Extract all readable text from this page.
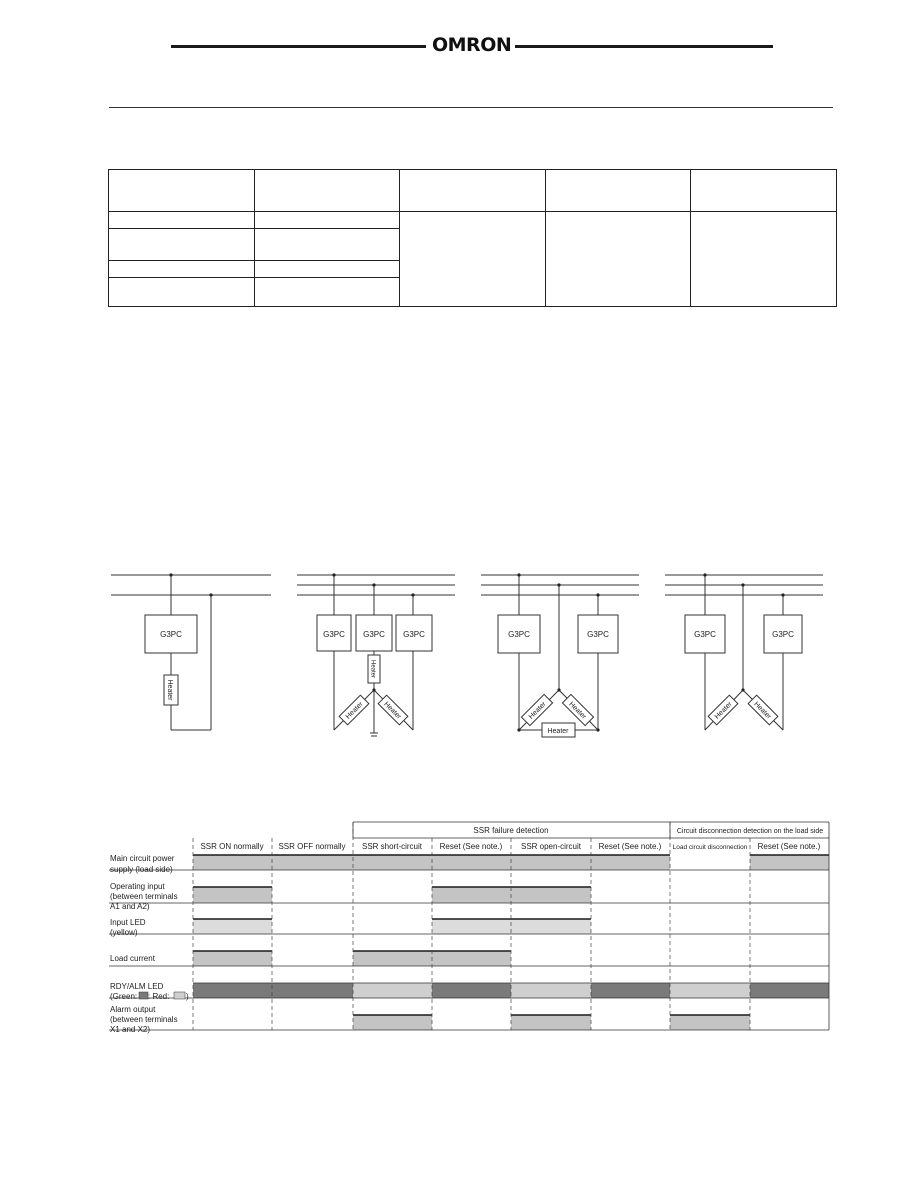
OMRON

G3PC	G3PC G3PC G3PC	G3PC	G3PC	G3PC	G3PC
Heater
Heater
Heater
Heater	Heater	Heater	Heater	Heater	Heater
SSR failure detection	Circuit disconnection detection on the load side
SSR ON normally SSR OFF normally SSR short-circuit Reset (See note.) SSR open-circuit Reset (See note.) Load circuit disconnection Reset (See note.)
Main circuit power
supply (load side)
Operating input
(between terminals
A1 and A2)
Input LED
(yellow)
Load current
RDY/ALM LED
(Green: : Red: )
Alarm output
(between terminals
X1 and X2)
